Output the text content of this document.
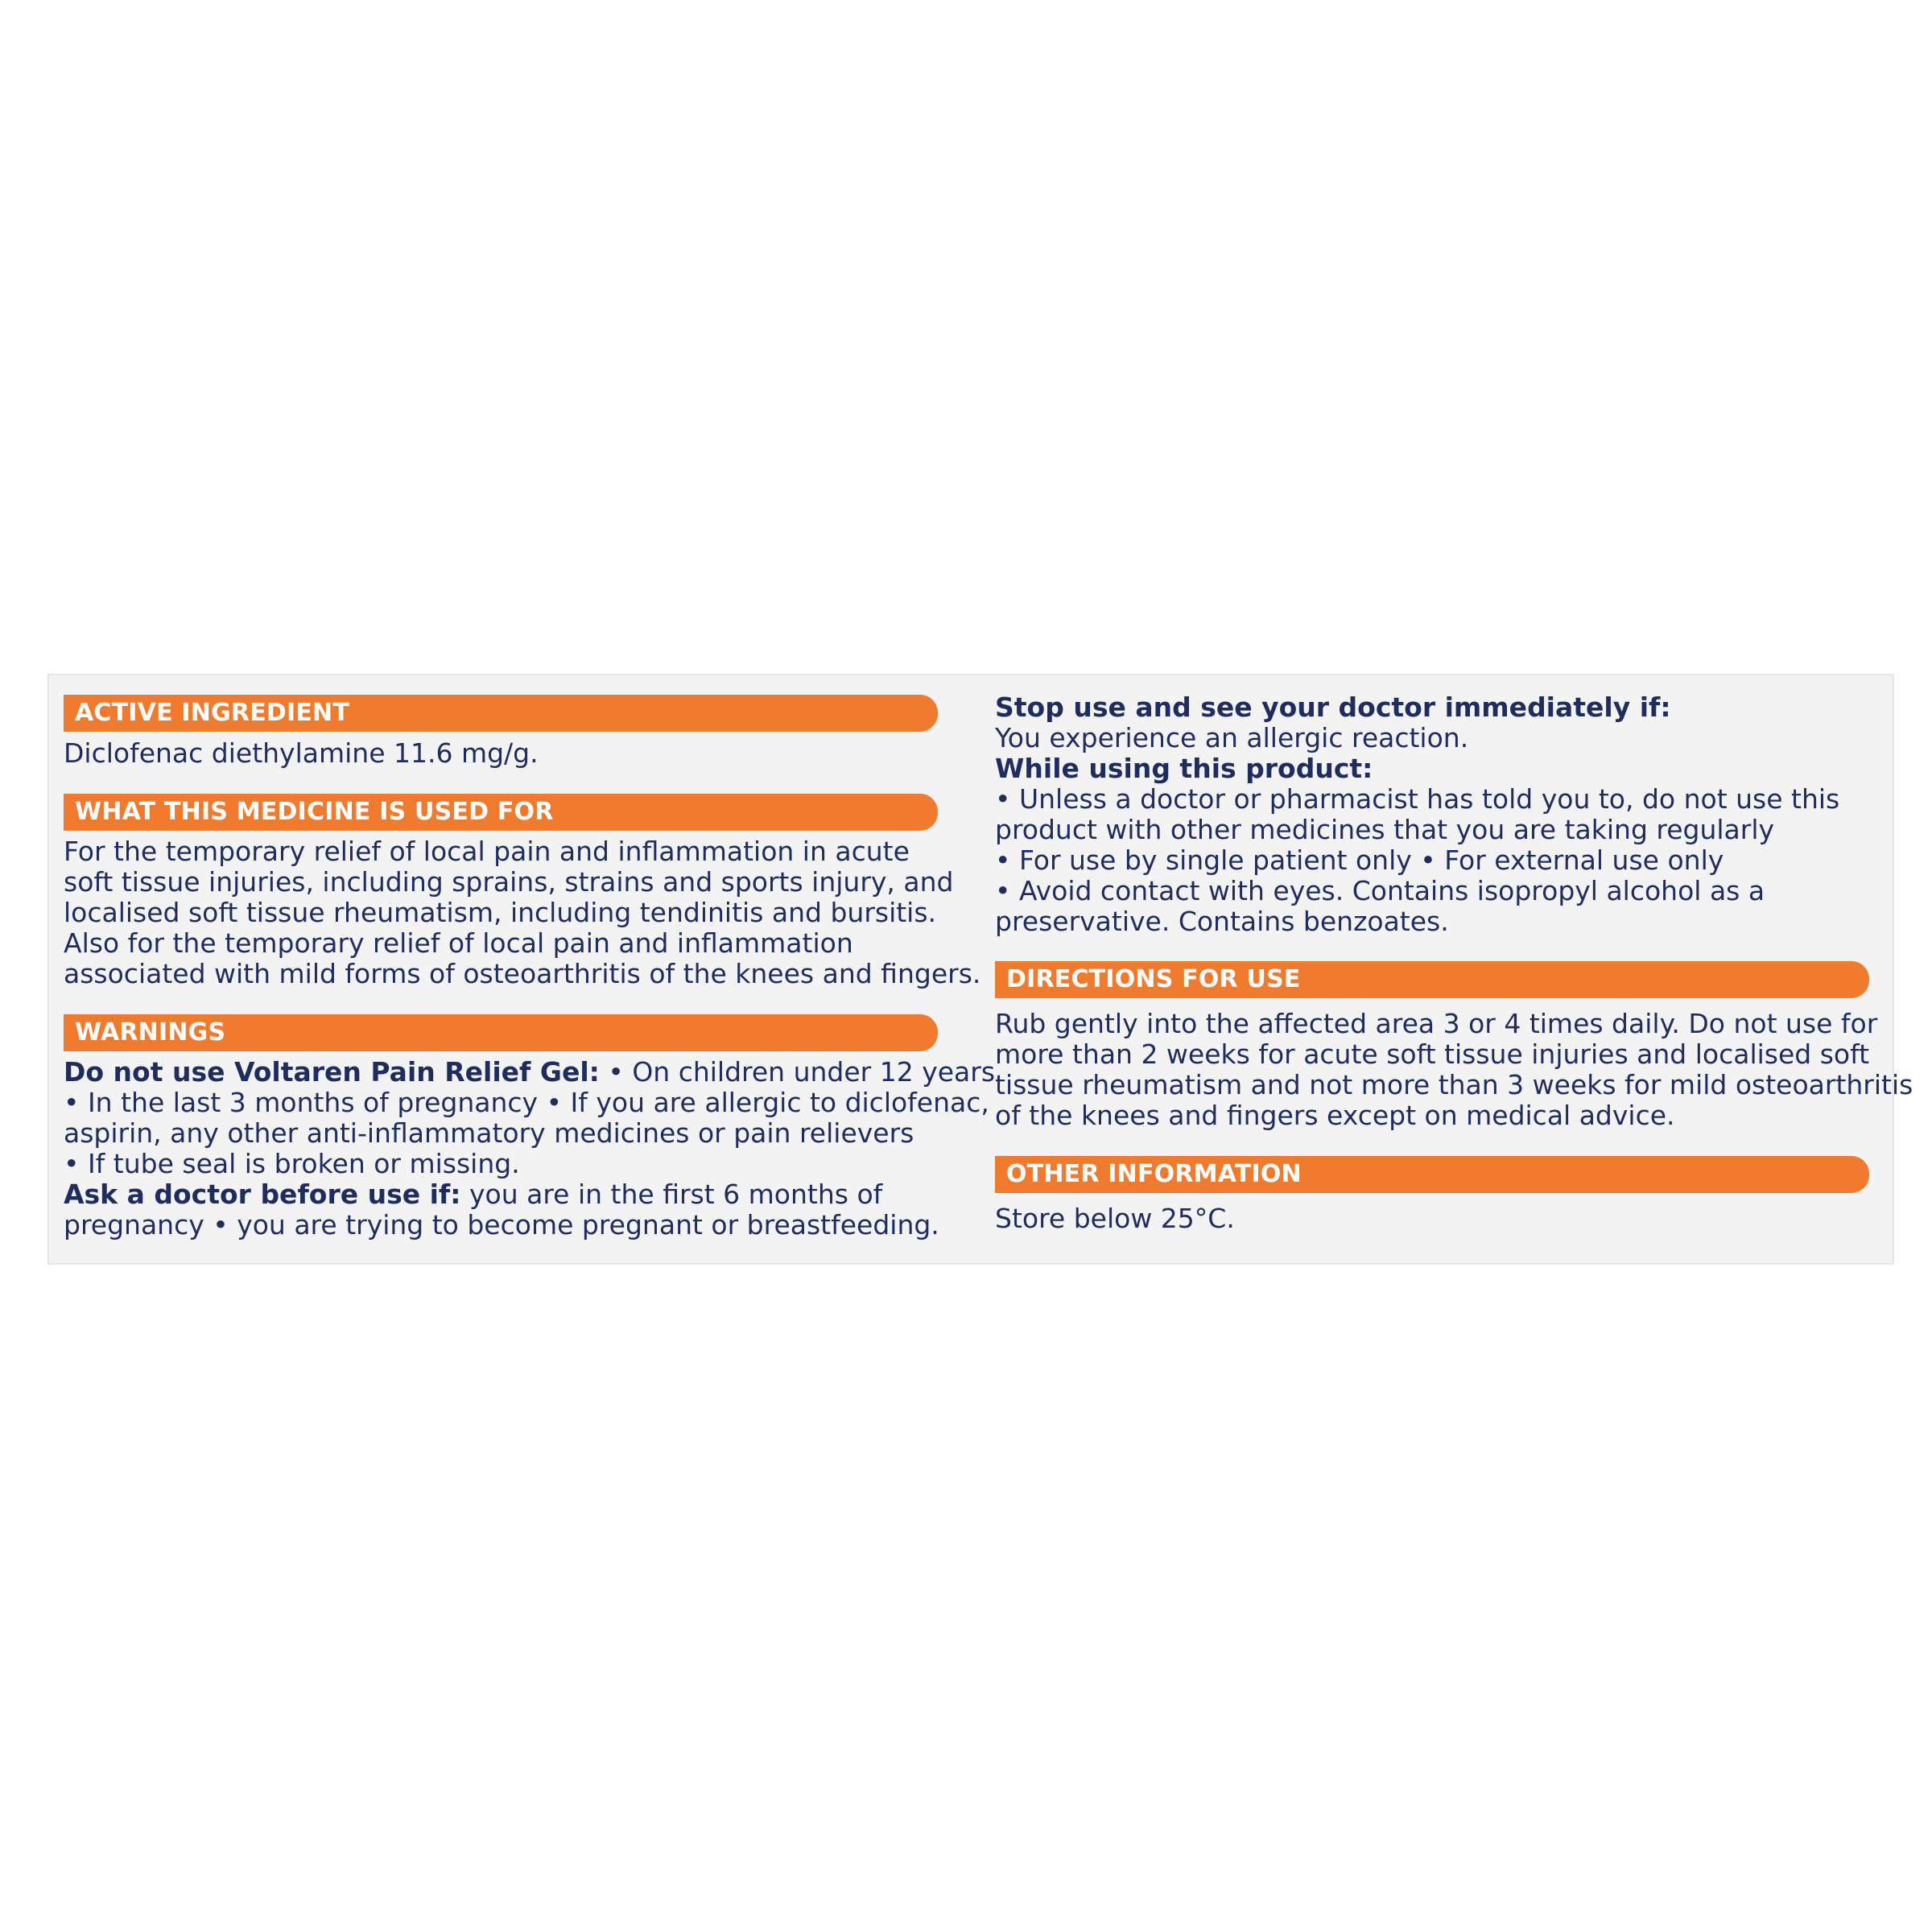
ACTIVE INGREDIENT
Diclofenac diethylamine 11.6 mg/g.
WHAT THIS MEDICINE IS USED FOR
For the temporary relief of local pain and inflammation in acute
soft tissue injuries, including sprains, strains and sports injury, and
localised soft tissue rheumatism, including tendinitis and bursitis.
Also for the temporary relief of local pain and inflammation
associated with mild forms of osteoarthritis of the knees and fingers.
WARNINGS
Do not use Voltaren Pain Relief Gel: • On children under 12 years
• In the last 3 months of pregnancy • If you are allergic to diclofenac,
aspirin, any other anti-inflammatory medicines or pain relievers
• If tube seal is broken or missing.
Ask a doctor before use if: you are in the first 6 months of
pregnancy • you are trying to become pregnant or breastfeeding.
Stop use and see your doctor immediately if:
You experience an allergic reaction.
While using this product:
• Unless a doctor or pharmacist has told you to, do not use this
product with other medicines that you are taking regularly
• For use by single patient only • For external use only
• Avoid contact with eyes. Contains isopropyl alcohol as a
preservative. Contains benzoates.
DIRECTIONS FOR USE
Rub gently into the affected area 3 or 4 times daily. Do not use for
more than 2 weeks for acute soft tissue injuries and localised soft
tissue rheumatism and not more than 3 weeks for mild osteoarthritis
of the knees and fingers except on medical advice.
OTHER INFORMATION
Store below 25°C.
